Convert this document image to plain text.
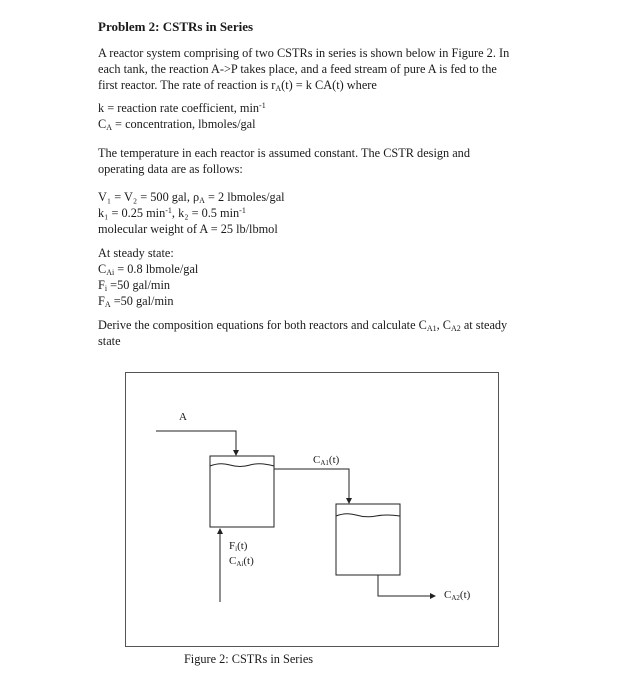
Problem 2: CSTRs in Series
A reactor system comprising of two CSTRs in series is shown below in Figure 2. In
each tank, the reaction A->P takes place, and a feed stream of pure A is fed to the
first reactor. The rate of reaction is $r_A(t) = k$ CA(t) where
k = reaction rate coefficient, $\min^{-1}$
$C_A$ = concentration, lbmoles/gal
The temperature in each reactor is assumed constant. The CSTR design and
operating data are as follows:
V₁ = V₂ = 500 gal, $\rho_A = 2$ lbmoles/gal
k₁ = 0.25 $\min^{-1}$, k₂ = 0.5 $\min^{-1}$
molecular weight of A = 25 lb/lbmol
At steady state:
$C_{Ai} = 0.8$ lbmole/gal
$F_i =50$ gal/min
$F_A =50$ gal/min
Derive the composition equations for both reactors and calculate $C_{A1}$, $C_{A2}$ at steady
state
A
$C_{A1}(t)$
$F_i(t)$
$C_{Ai}(t)$
$C_{A2}(t)$
Figure 2: CSTRs in Series
